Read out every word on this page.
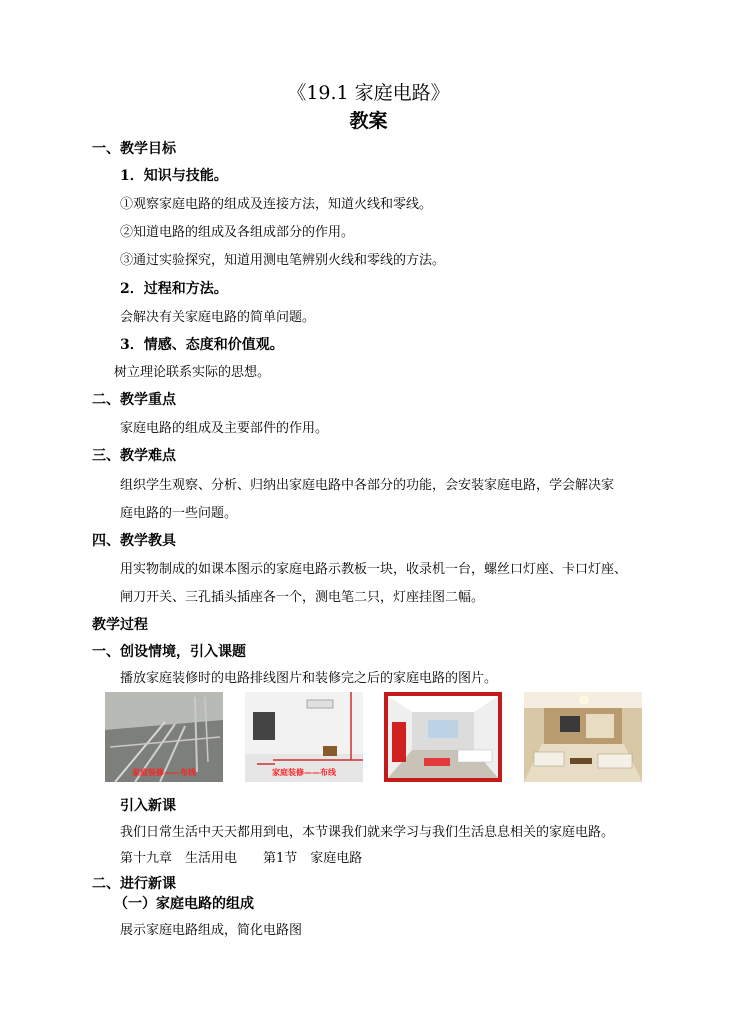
《19.1 家庭电路》
教案
一、教学目标
1．知识与技能。
①观察家庭电路的组成及连接方法，知道火线和零线。
②知道电路的组成及各组成部分的作用。
③通过实验探究，知道用测电笔辨别火线和零线的方法。
2．过程和方法。
会解决有关家庭电路的简单问题。
3．情感、态度和价值观。
树立理论联系实际的思想。
二、教学重点
家庭电路的组成及主要部件的作用。
三、教学难点
组织学生观察、分析、归纳出家庭电路中各部分的功能，会安装家庭电路，学会解决家
庭电路的一些问题。
四、教学教具
用实物制成的如课本图示的家庭电路示教板一块，收录机一台，螺丝口灯座、卡口灯座、
闸刀开关、三孔插头插座各一个，测电笔二只，灯座挂图二幅。
教学过程
一、创设情境，引入课题
播放家庭装修时的电路排线图片和装修完之后的家庭电路的图片。
家庭装修——布线	家庭装修——布线
引入新课
我们日常生活中天天都用到电，本节课我们就来学习与我们生活息息相关的家庭电路。
第十九章　生活用电　　第1节　家庭电路
二、进行新课
（一）家庭电路的组成
展示家庭电路组成，简化电路图
